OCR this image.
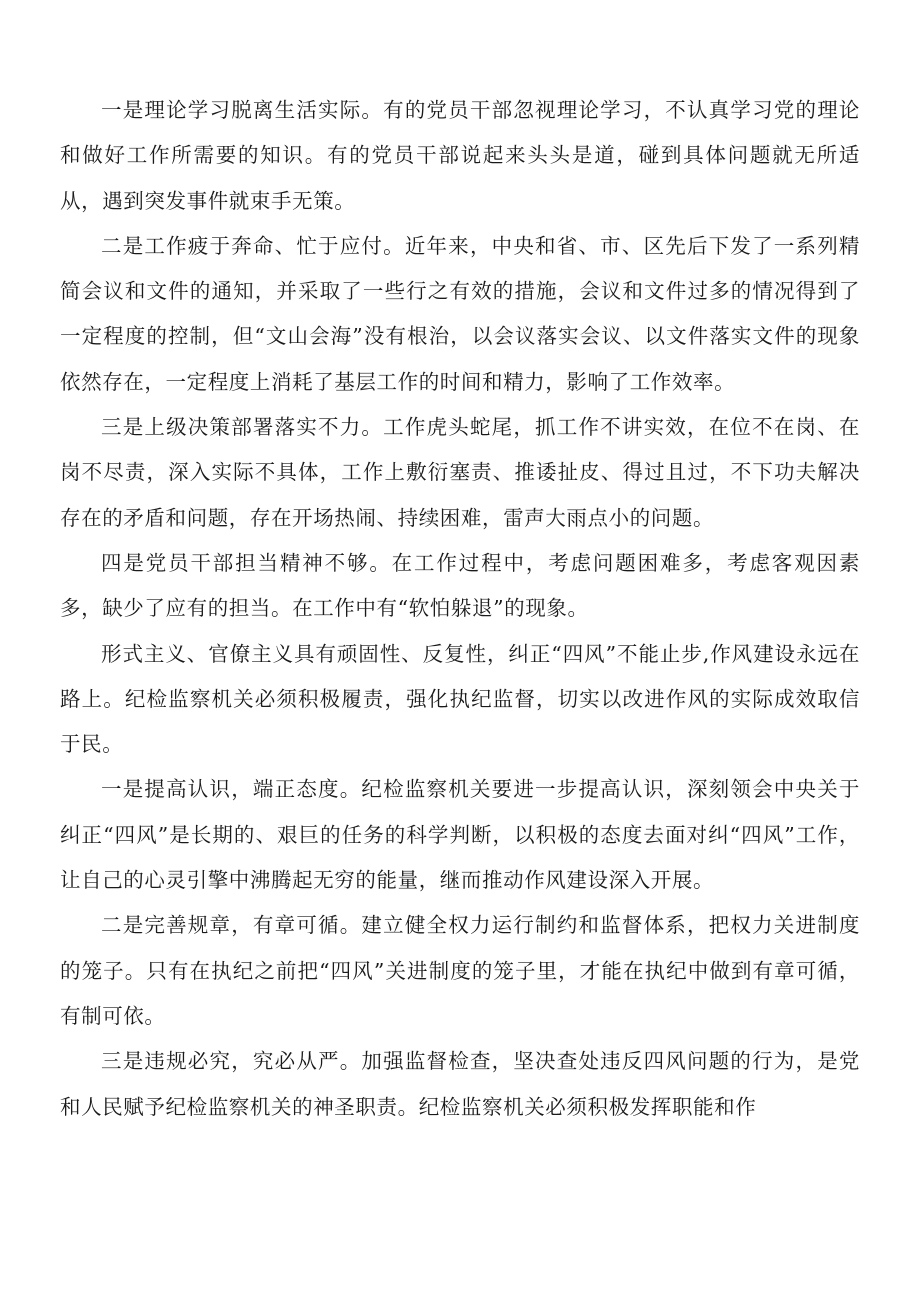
一是理论学习脱离生活实际。有的党员干部忽视理论学习，不认真学习党的理论和做好工作所需要的知识。有的党员干部说起来头头是道，碰到具体问题就无所适从，遇到突发事件就束手无策。

二是工作疲于奔命、忙于应付。近年来，中央和省、市、区先后下发了一系列精简会议和文件的通知，并采取了一些行之有效的措施，会议和文件过多的情况得到了一定程度的控制，但“文山会海”没有根治，以会议落实会议、以文件落实文件的现象依然存在，一定程度上消耗了基层工作的时间和精力，影响了工作效率。

三是上级决策部署落实不力。工作虎头蛇尾，抓工作不讲实效，在位不在岗、在岗不尽责，深入实际不具体，工作上敷衍塞责、推诿扯皮、得过且过，不下功夫解决存在的矛盾和问题，存在开场热闹、持续困难，雷声大雨点小的问题。

四是党员干部担当精神不够。在工作过程中，考虑问题困难多，考虑客观因素多，缺少了应有的担当。在工作中有“软怕躲退”的现象。

形式主义、官僚主义具有顽固性、反复性，纠正“四风”不能止步,作风建设永远在路上。纪检监察机关必须积极履责，强化执纪监督，切实以改进作风的实际成效取信于民。

一是提高认识，端正态度。纪检监察机关要进一步提高认识，深刻领会中央关于纠正“四风”是长期的、艰巨的任务的科学判断，以积极的态度去面对纠“四风”工作，让自己的心灵引擎中沸腾起无穷的能量，继而推动作风建设深入开展。

二是完善规章，有章可循。建立健全权力运行制约和监督体系，把权力关进制度的笼子。只有在执纪之前把“四风”关进制度的笼子里，才能在执纪中做到有章可循，有制可依。

三是违规必究，究必从严。加强监督检查，坚决查处违反四风问题的行为，是党和人民赋予纪检监察机关的神圣职责。纪检监察机关必须积极发挥职能和作
